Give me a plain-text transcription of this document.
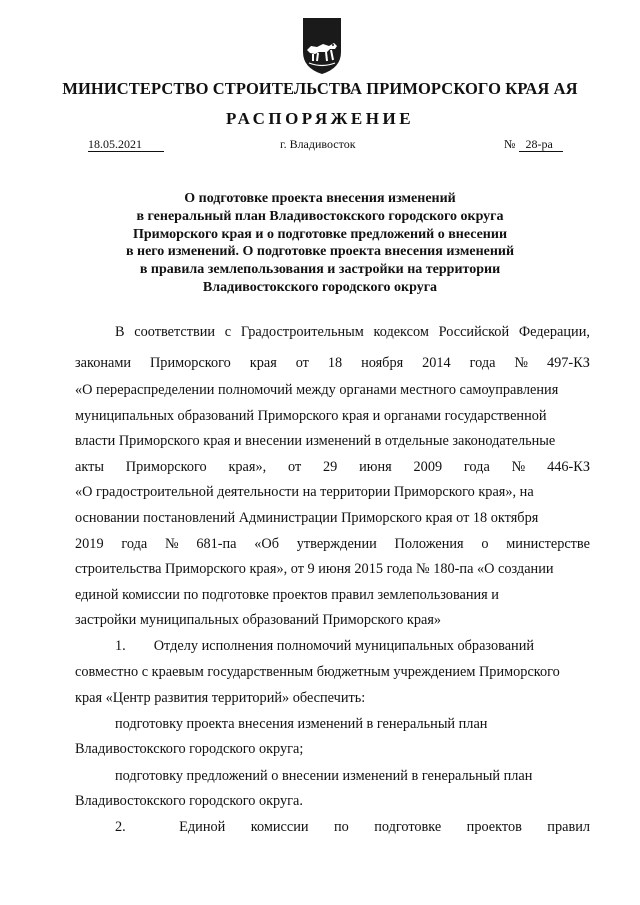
МИНИСТЕРСТВО СТРОИТЕЛЬСТВА ПРИМОРСКОГО КРАЯ АЯ
РАСПОРЯЖЕНИЕ
18.05.2021	г. Владивосток	№ 28-ра
О подготовке проекта внесения изменений
в генеральный план Владивостокского городского округа
Приморского края и о подготовке предложений о внесении
в него изменений. О подготовке проекта внесения изменений
в правила землепользования и застройки на территории
Владивостокского городского округа
В соответствии с Градостроительным кодексом Российской Федерации,
законами Приморского края от 18 ноября 2014 года № 497-КЗ
«О перераспределении полномочий между органами местного самоуправления
муниципальных образований Приморского края и органами государственной
власти Приморского края и внесении изменений в отдельные законодательные
акты Приморского края», от 29 июня 2009 года № 446-КЗ
«О градостроительной деятельности на территории Приморского края», на
основании постановлений Администрации Приморского края от 18 октября
2019 года № 681-па «Об утверждении Положения о министерстве
строительства Приморского края», от 9 июня 2015 года № 180-па «О создании
единой комиссии по подготовке проектов правил землепользования и
застройки муниципальных образований Приморского края»
1.	Отделу исполнения полномочий муниципальных образований
совместно с краевым государственным бюджетным учреждением Приморского
края «Центр развития территорий» обеспечить:
подготовку проекта внесения изменений в генеральный план
Владивостокского городского округа;
подготовку предложений о внесении изменений в генеральный план
Владивостокского городского округа.
2.	Единой комиссии по подготовке проектов правил
